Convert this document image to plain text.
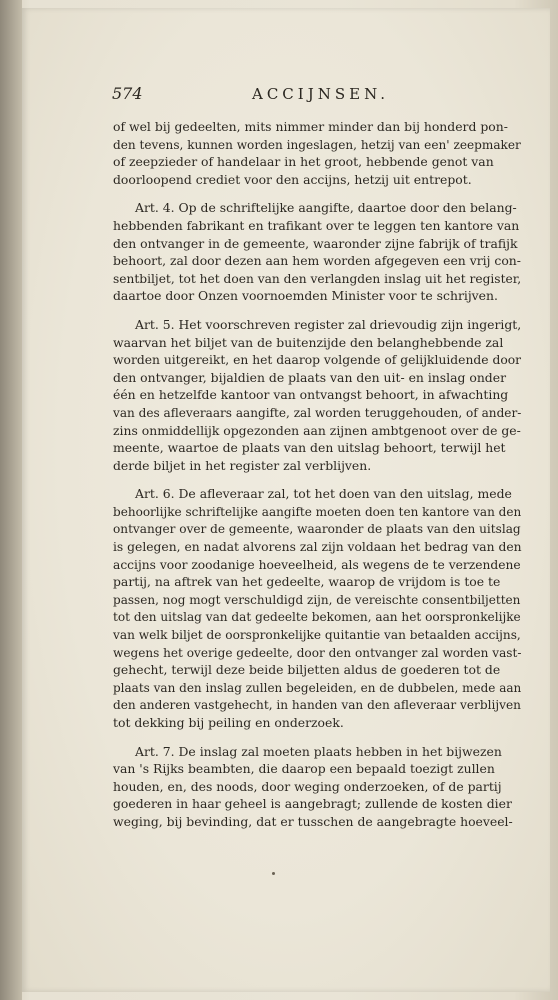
574	ACCIJNSEN.
of wel bij gedeelten, mits nimmer minder dan bij honderd pon-
den tevens, kunnen worden ingeslagen, hetzij van een' zeepmaker
of zeepzieder of handelaar in het groot, hebbende genot van
doorloopend crediet voor den accijns, hetzij uit entrepot.
Art. 4. Op de schriftelijke aangifte, daartoe door den belang-
hebbenden fabrikant en trafikant over te leggen ten kantore van
den ontvanger in de gemeente, waaronder zijne fabrijk of trafijk
behoort, zal door dezen aan hem worden afgegeven een vrij con-
sentbiljet, tot het doen van den verlangden inslag uit het register,
daartoe door Onzen voornoemden Minister voor te schrijven.
Art. 5. Het voorschreven register zal drievoudig zijn ingerigt,
waarvan het biljet van de buitenzijde den belanghebbende zal
worden uitgereikt, en het daarop volgende of gelijkluidende door
den ontvanger, bijaldien de plaats van den uit- en inslag onder
één en hetzelfde kantoor van ontvangst behoort, in afwachting
van des afleveraars aangifte, zal worden teruggehouden, of ander-
zins onmiddellijk opgezonden aan zijnen ambtgenoot over de ge-
meente, waartoe de plaats van den uitslag behoort, terwijl het
derde biljet in het register zal verblijven.
Art. 6. De afleveraar zal, tot het doen van den uitslag, mede
behoorlijke schriftelijke aangifte moeten doen ten kantore van den
ontvanger over de gemeente, waaronder de plaats van den uitslag
is gelegen, en nadat alvorens zal zijn voldaan het bedrag van den
accijns voor zoodanige hoeveelheid, als wegens de te verzendene
partij, na aftrek van het gedeelte, waarop de vrijdom is toe te
passen, nog mogt verschuldigd zijn, de vereischte consentbiljetten
tot den uitslag van dat gedeelte bekomen, aan het oorspronkelijke
van welk biljet de oorspronkelijke quitantie van betaalden accijns,
wegens het overige gedeelte, door den ontvanger zal worden vast-
gehecht, terwijl deze beide biljetten aldus de goederen tot de
plaats van den inslag zullen begeleiden, en de dubbelen, mede aan
den anderen vastgehecht, in handen van den afleveraar verblijven
tot dekking bij peiling en onderzoek.
Art. 7. De inslag zal moeten plaats hebben in het bijwezen
van 's Rijks beambten, die daarop een bepaald toezigt zullen
houden, en, des noods, door weging onderzoeken, of de partij
goederen in haar geheel is aangebragt; zullende de kosten dier
weging, bij bevinding, dat er tusschen de aangebragte hoeveel-
